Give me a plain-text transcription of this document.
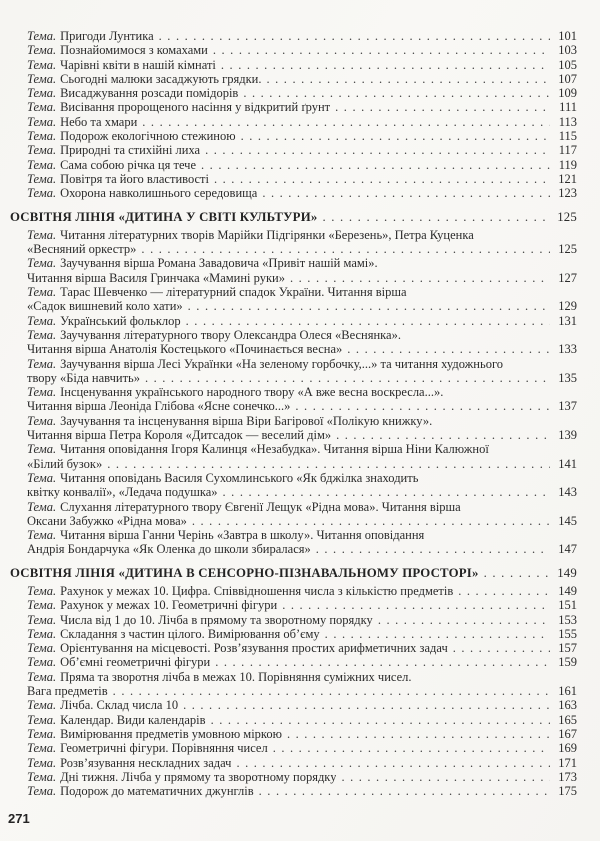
Тема. Пригоди Лунтика . . .	101
Тема. Познайомимося з комахами . . .	103
Тема. Чарівні квіти в нашій кімнаті . . .	105
Тема. Сьогодні малюки засаджують грядки. . . .	107
Тема. Висаджування розсади помідорів . . .	109
Тема. Висівання пророщеного насіння у відкритий ґрунт . . .	111
Тема. Небо та хмари . . .	113
Тема. Подорож екологічною стежиною . . .	115
Тема. Природні та стихійні лиха . . .	117
Тема. Сама собою річка ця тече . . .	119
Тема. Повітря та його властивості . . .	121
Тема. Охорона навколишнього середовища . . .	123
ОСВІТНЯ ЛІНІЯ «ДИТИНА У СВІТІ КУЛЬТУРИ» . . .	125
Тема. Читання літературних творів Марійки Підгірянки «Березень», Петра Куценка
«Весняний оркестр» . . .	125
Тема. Заучування вірша Романа Завадовича «Привіт нашій мамі».
Читання вірша Василя Гринчака «Мамині руки» . . .	127
Тема. Тарас Шевченко — літературний спадок України. Читання вірша
«Садок вишневий коло хати» . . .	129
Тема. Український фольклор . . .	131
Тема. Заучування літературного твору Олександра Олеся «Веснянка».
Читання вірша Анатолія Костецького «Починається весна» . . .	133
Тема. Заучування вірша Лесі Українки «На зеленому горбочку,...» та читання художнього
твору «Біда навчить» . . .	135
Тема. Інсценування українського народного твору «А вже весна воскресла...».
Читання вірша Леоніда Глібова «Ясне сонечко...» . . .	137
Тема. Заучування та інсценування вірша Віри Багірової «Полікую книжку».
Читання вірша Петра Короля «Дитсадок — веселий дім» . . .	139
Тема. Читання оповідання Ігоря Калинця «Незабудка». Читання вірша Ніни Калюжної
«Білий бузок» . . .	141
Тема. Читання оповідань Василя Сухомлинського «Як бджілка знаходить
квітку конвалії», «Ледача подушка» . . .	143
Тема. Слухання літературного твору Євгенії Лещук «Рідна мова». Читання вірша
Оксани Забужко «Рідна мова» . . .	145
Тема. Читання вірша Ганни Черінь «Завтра в школу». Читання оповідання
Андрія Бондарчука «Як Оленка до школи збиралася» . . .	147
ОСВІТНЯ ЛІНІЯ «ДИТИНА В СЕНСОРНО-ПІЗНАВАЛЬНОМУ ПРОСТОРІ» . . .	149
Тема. Рахунок у межах 10. Цифра. Співвідношення числа з кількістю предметів . . .	149
Тема. Рахунок у межах 10. Геометричні фігури . . .	151
Тема. Числа від 1 до 10. Лічба в прямому та зворотному порядку . . .	153
Тема. Складання з частин цілого. Вимірювання об’єму . . .	155
Тема. Орієнтування на місцевості. Розв’язування простих арифметичних задач . . .	157
Тема. Об’ємні геометричні фігури . . .	159
Тема. Пряма та зворотня лічба в межах 10. Порівняння суміжних чисел.
Вага предметів . . .	161
Тема. Лічба. Склад числа 10 . . .	163
Тема. Календар. Види календарів . . .	165
Тема. Вимірювання предметів умовною міркою . . .	167
Тема. Геометричні фігури. Порівняння чисел . . .	169
Тема. Розв’язування нескладних задач . . .	171
Тема. Дні тижня. Лічба у прямому та зворотному порядку . . .	173
Тема. Подорож до математичних джунглів . . .	175
271
